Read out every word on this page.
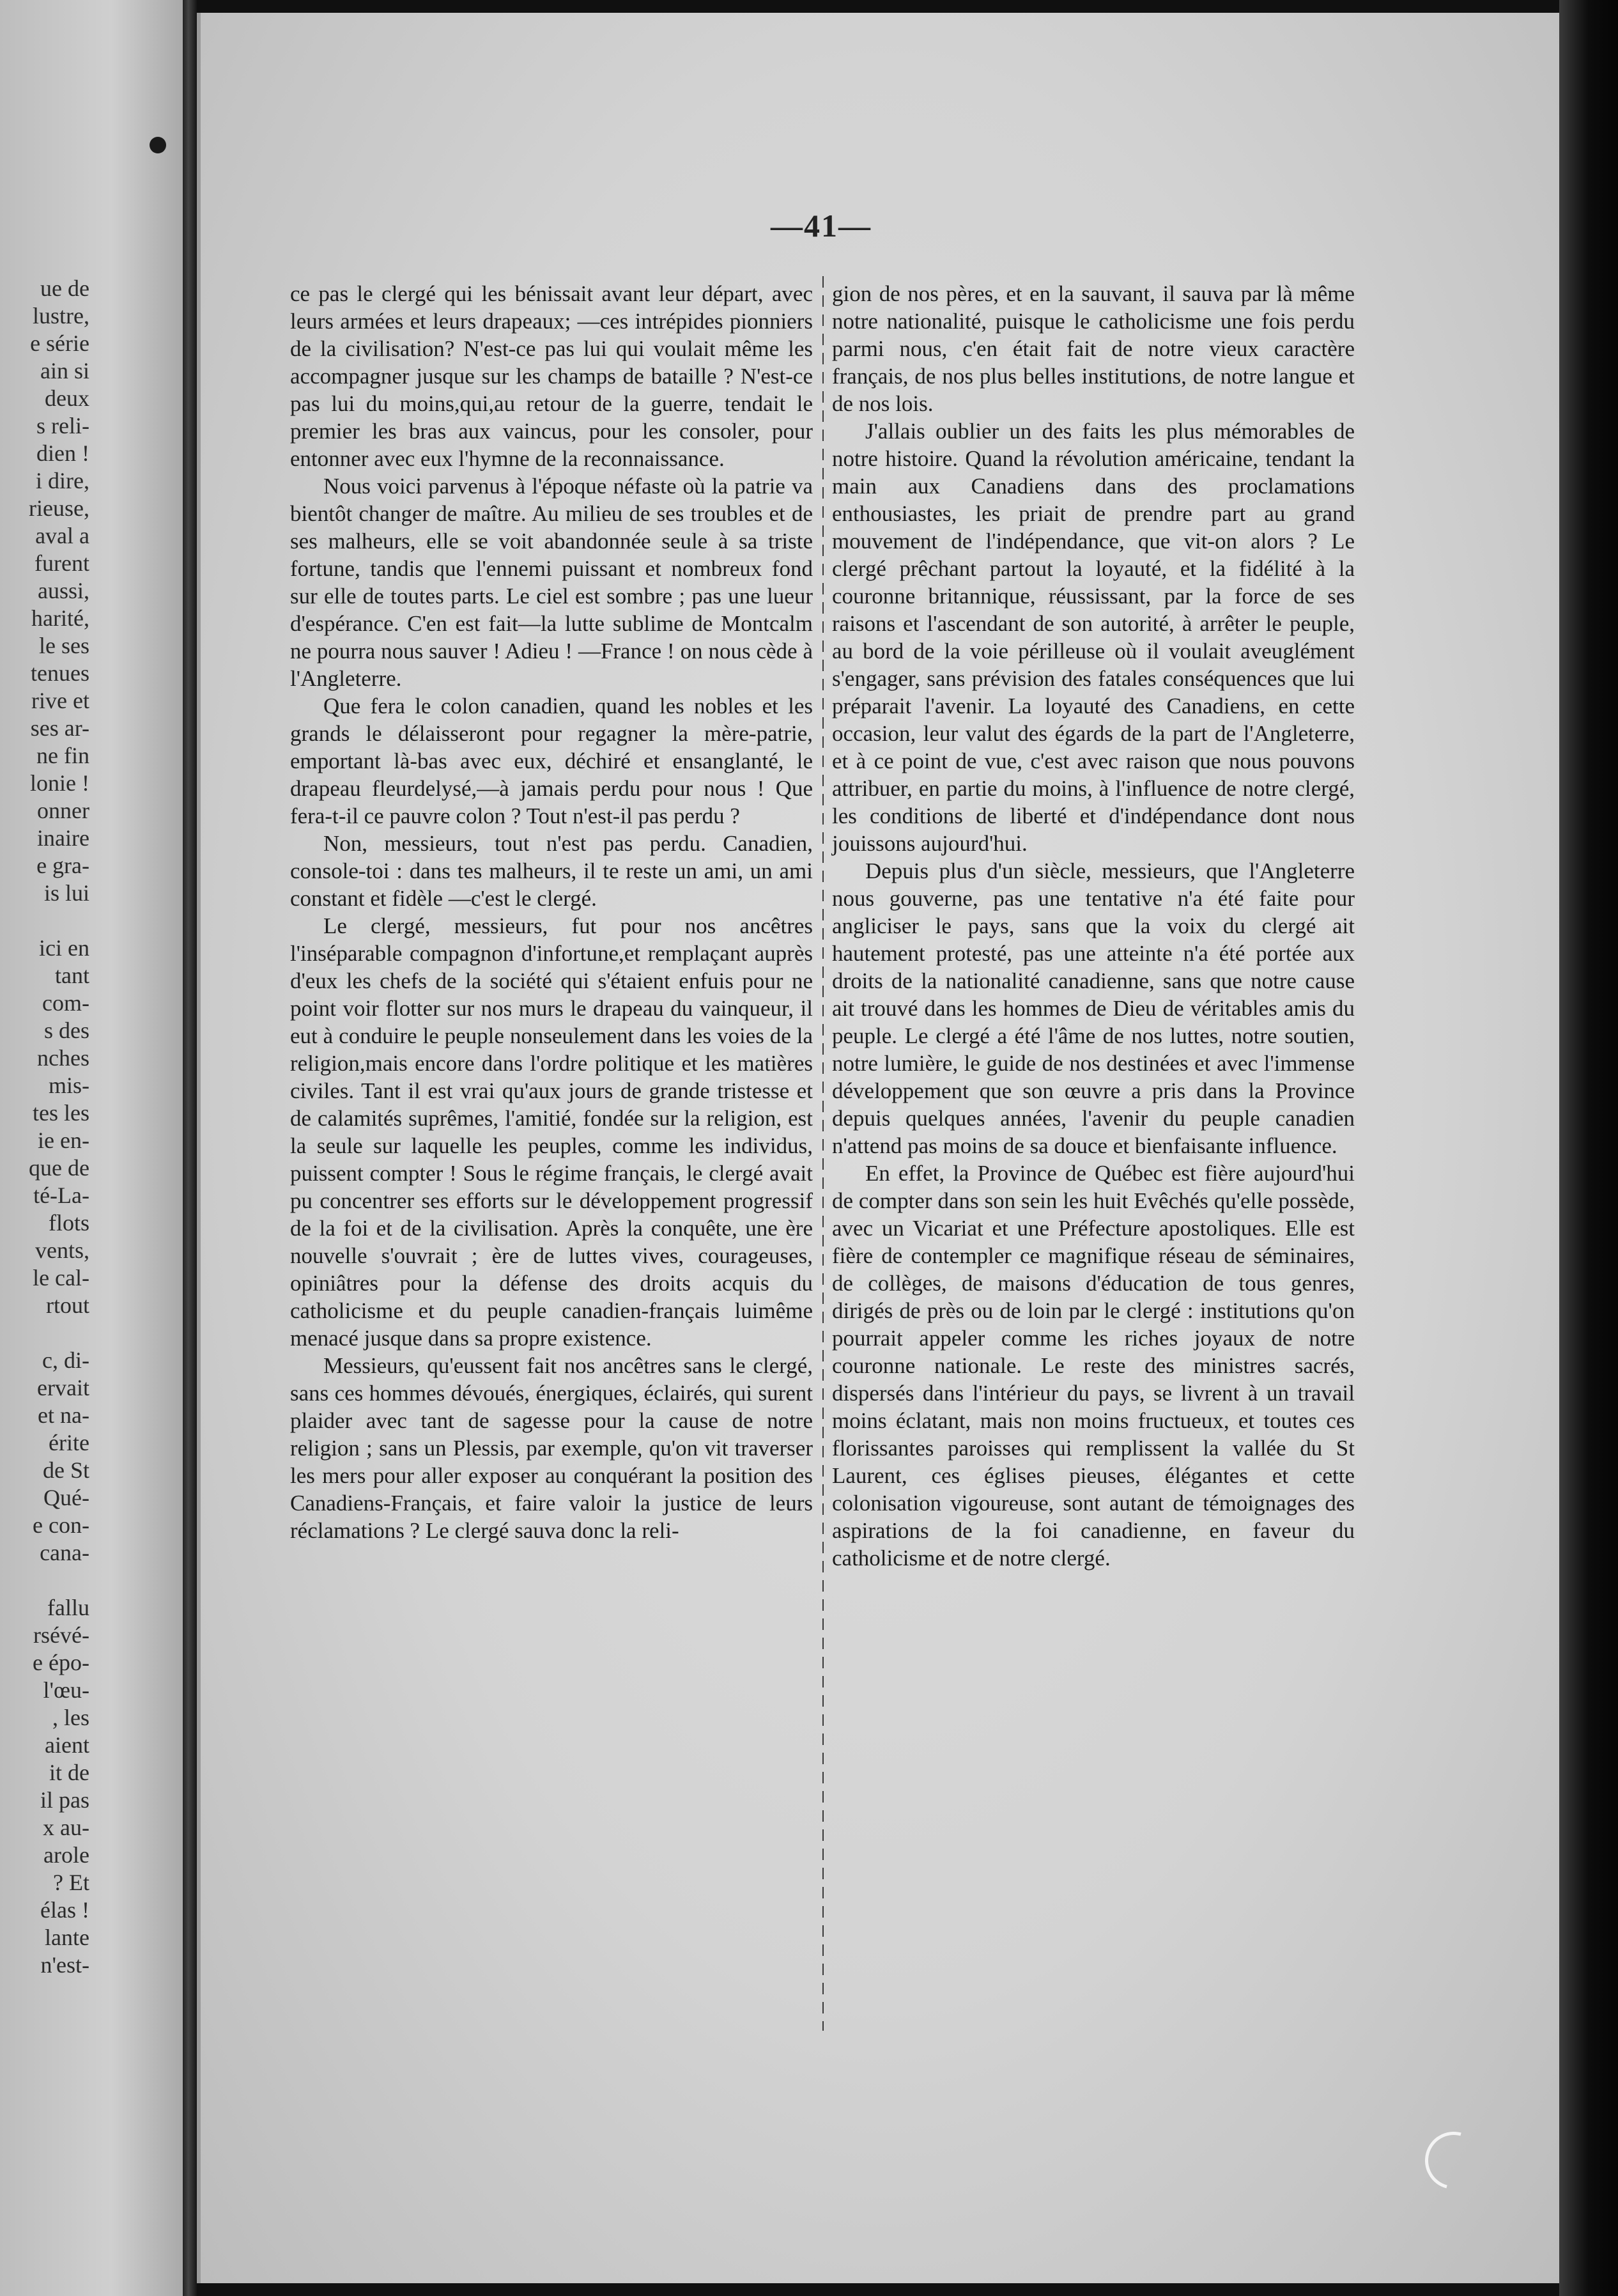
ue de
lustre,
e série
ain si
deux
s reli-
dien !
i dire,
rieuse,
aval a
furent
aussi,
harité,
le ses
tenues
rive et
ses ar-
ne fin
lonie !
onner
inaire
e gra-
is lui
ici en
tant
com-
s des
nches
mis-
tes les
ie en-
que de
té-La-
flots
vents,
le cal-
rtout
c, di-
ervait
et na-
érite
de St
Qué-
e con-
cana-
fallu
rsévé-
e épo-
l'œu-
, les
aient
it de
il pas
x au-
arole
? Et
élas !
lante
n'est-
—41—

ce pas le clergé qui les bénissait avant leur départ, avec leurs armées et leurs drapeaux; —ces intrépides pionniers de la civilisation? N'est-ce pas lui qui voulait même les accompagner jusque sur les champs de bataille ? N'est-ce pas lui du moins,qui,au retour de la guerre, tendait le premier les bras aux vaincus, pour les consoler, pour entonner avec eux l'hymne de la reconnaissance.

Nous voici parvenus à l'époque néfaste où la patrie va bientôt changer de maître. Au milieu de ses troubles et de ses malheurs, elle se voit abandonnée seule à sa triste fortune, tandis que l'ennemi puissant et nombreux fond sur elle de toutes parts. Le ciel est sombre ; pas une lueur d'espérance. C'en est fait—la lutte sublime de Montcalm ne pourra nous sauver ! Adieu ! —France ! on nous cède à l'Angleterre.

Que fera le colon canadien, quand les nobles et les grands le délaisseront pour regagner la mère-patrie, emportant là-bas avec eux, déchiré et ensanglanté, le drapeau fleurdelysé,—à jamais perdu pour nous ! Que fera-t-il ce pauvre colon ? Tout n'est-il pas perdu ?

Non, messieurs, tout n'est pas perdu. Canadien, console-toi : dans tes malheurs, il te reste un ami, un ami constant et fidèle —c'est le clergé.

Le clergé, messieurs, fut pour nos ancêtres l'inséparable compagnon d'infortune,et remplaçant auprès d'eux les chefs de la société qui s'étaient enfuis pour ne point voir flotter sur nos murs le drapeau du vainqueur, il eut à conduire le peuple nonseulement dans les voies de la religion,mais encore dans l'ordre politique et les matières civiles. Tant il est vrai qu'aux jours de grande tristesse et de calamités suprêmes, l'amitié, fondée sur la religion, est la seule sur laquelle les peuples, comme les individus, puissent compter ! Sous le régime français, le clergé avait pu concentrer ses efforts sur le développement progressif de la foi et de la civilisation. Après la conquête, une ère nouvelle s'ouvrait ; ère de luttes vives, courageuses, opiniâtres pour la défense des droits acquis du catholicisme et du peuple canadien-français luimême menacé jusque dans sa propre existence.

Messieurs, qu'eussent fait nos ancêtres sans le clergé, sans ces hommes dévoués, énergiques, éclairés, qui surent plaider avec tant de sagesse pour la cause de notre religion ; sans un Plessis, par exemple, qu'on vit traverser les mers pour aller exposer au conquérant la position des Canadiens-Français, et faire valoir la justice de leurs réclamations ? Le clergé sauva donc la reli-

gion de nos pères, et en la sauvant, il sauva par là même notre nationalité, puisque le catholicisme une fois perdu parmi nous, c'en était fait de notre vieux caractère français, de nos plus belles institutions, de notre langue et de nos lois.

J'allais oublier un des faits les plus mémorables de notre histoire. Quand la révolution américaine, tendant la main aux Canadiens dans des proclamations enthousiastes, les priait de prendre part au grand mouvement de l'indépendance, que vit-on alors ? Le clergé prêchant partout la loyauté, et la fidélité à la couronne britannique, réussissant, par la force de ses raisons et l'ascendant de son autorité, à arrêter le peuple, au bord de la voie périlleuse où il voulait aveuglément s'engager, sans prévision des fatales conséquences que lui préparait l'avenir. La loyauté des Canadiens, en cette occasion, leur valut des égards de la part de l'Angleterre, et à ce point de vue, c'est avec raison que nous pouvons attribuer, en partie du moins, à l'influence de notre clergé, les conditions de liberté et d'indépendance dont nous jouissons aujourd'hui.

Depuis plus d'un siècle, messieurs, que l'Angleterre nous gouverne, pas une tentative n'a été faite pour angliciser le pays, sans que la voix du clergé ait hautement protesté, pas une atteinte n'a été portée aux droits de la nationalité canadienne, sans que notre cause ait trouvé dans les hommes de Dieu de véritables amis du peuple. Le clergé a été l'âme de nos luttes, notre soutien, notre lumière, le guide de nos destinées et avec l'immense développement que son œuvre a pris dans la Province depuis quelques années, l'avenir du peuple canadien n'attend pas moins de sa douce et bienfaisante influence.

En effet, la Province de Québec est fière aujourd'hui de compter dans son sein les huit Evêchés qu'elle possède, avec un Vicariat et une Préfecture apostoliques. Elle est fière de contempler ce magnifique réseau de séminaires, de collèges, de maisons d'éducation de tous genres, dirigés de près ou de loin par le clergé : institutions qu'on pourrait appeler comme les riches joyaux de notre couronne nationale. Le reste des ministres sacrés, dispersés dans l'intérieur du pays, se livrent à un travail moins éclatant, mais non moins fructueux, et toutes ces florissantes paroisses qui remplissent la vallée du St Laurent, ces églises pieuses, élégantes et cette colonisation vigoureuse, sont autant de témoignages des aspirations de la foi canadienne, en faveur du catholicisme et de notre clergé.
